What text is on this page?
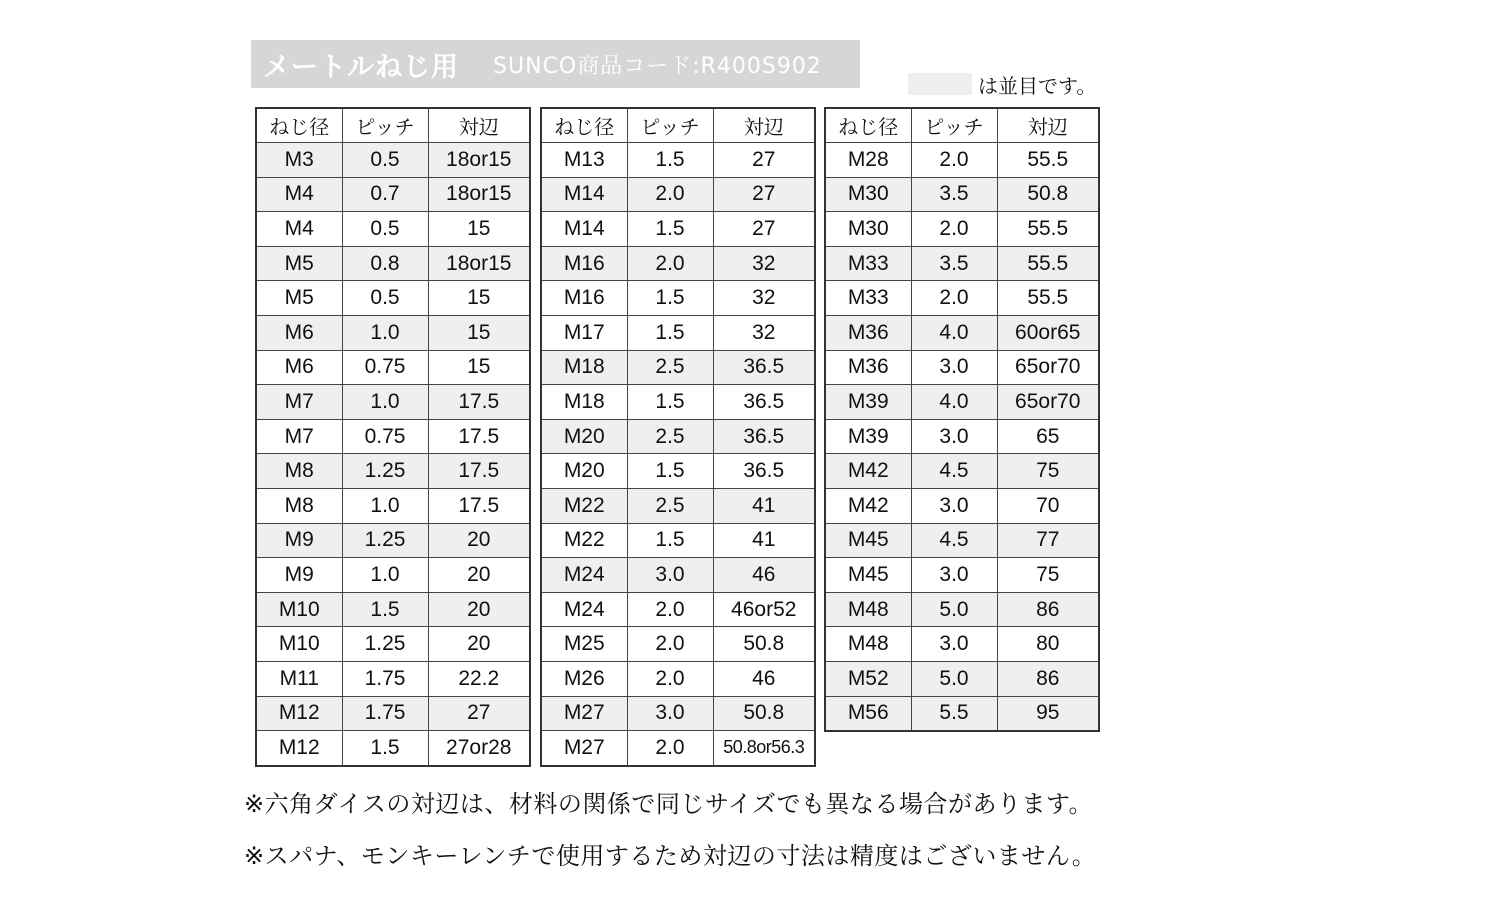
メートルねじ用 SUNCO商品コード:R400S902
は並目です。
ねじ径	ピッチ	対辺
M3	0.5	18or15
M4	0.7	18or15
M4	0.5	15
M5	0.8	18or15
M5	0.5	15
M6	1.0	15
M6	0.75	15
M7	1.0	17.5
M7	0.75	17.5
M8	1.25	17.5
M8	1.0	17.5
M9	1.25	20
M9	1.0	20
M10	1.5	20
M10	1.25	20
M11	1.75	22.2
M12	1.75	27
M12	1.5	27or28
ねじ径	ピッチ	対辺
M13	1.5	27
M14	2.0	27
M14	1.5	27
M16	2.0	32
M16	1.5	32
M17	1.5	32
M18	2.5	36.5
M18	1.5	36.5
M20	2.5	36.5
M20	1.5	36.5
M22	2.5	41
M22	1.5	41
M24	3.0	46
M24	2.0	46or52
M25	2.0	50.8
M26	2.0	46
M27	3.0	50.8
M27	2.0	50.8or56.3
ねじ径	ピッチ	対辺
M28	2.0	55.5
M30	3.5	50.8
M30	2.0	55.5
M33	3.5	55.5
M33	2.0	55.5
M36	4.0	60or65
M36	3.0	65or70
M39	4.0	65or70
M39	3.0	65
M42	4.5	75
M42	3.0	70
M45	4.5	77
M45	3.0	75
M48	5.0	86
M48	3.0	80
M52	5.0	86
M56	5.5	95
※六角ダイスの対辺は、材料の関係で同じサイズでも異なる場合があります。
※スパナ、モンキーレンチで使用するため対辺の寸法は精度はございません。
